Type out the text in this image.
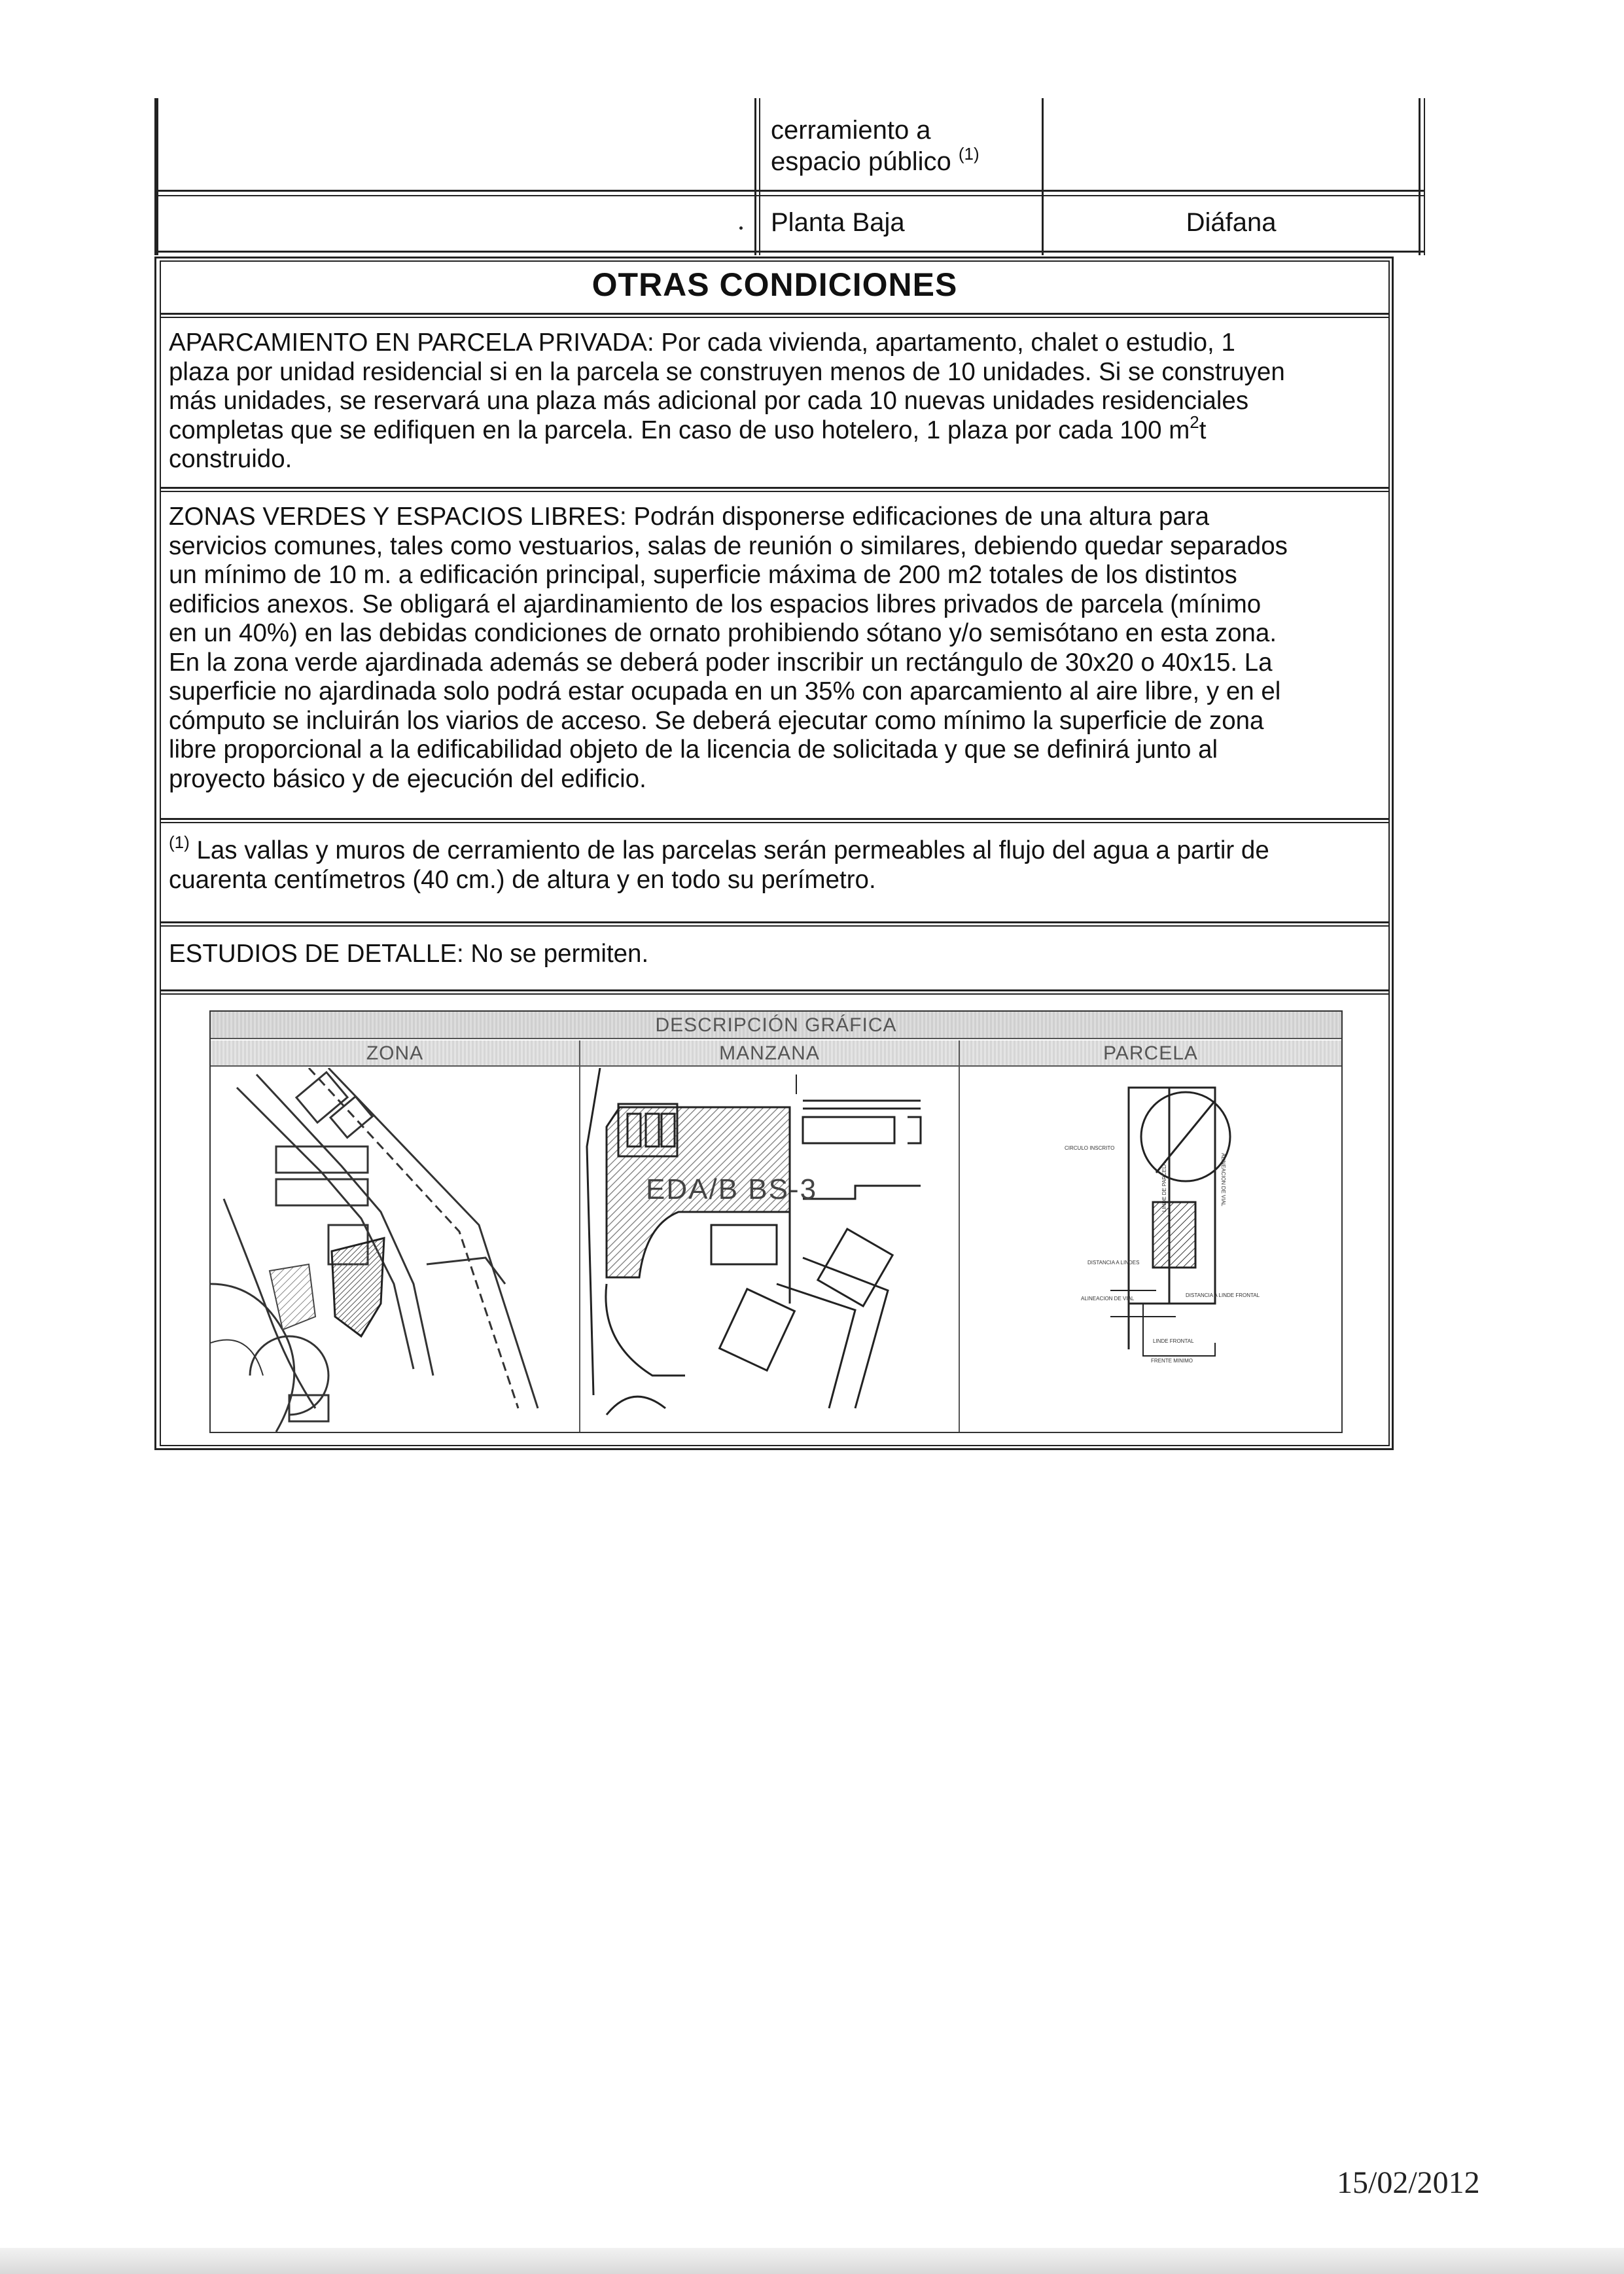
cerramiento a
espacio público $^{(1)}$
Planta Baja	Diáfana
OTRAS CONDICIONES
APARCAMIENTO EN PARCELA PRIVADA: Por cada vivienda, apartamento, chalet o estudio, 1
plaza por unidad residencial si en la parcela se construyen menos de 10 unidades. Si se construyen
más unidades, se reservará una plaza más adicional por cada 10 nuevas unidades residenciales
completas que se edifiquen en la parcela. En caso de uso hotelero, 1 plaza por cada 100 $m^2t$
construido.
ZONAS VERDES Y ESPACIOS LIBRES: Podrán disponerse edificaciones de una altura para
servicios comunes, tales como vestuarios, salas de reunión o similares, debiendo quedar separados
un mínimo de 10 m. a edificación principal, superficie máxima de 200 m2 totales de los distintos
edificios anexos. Se obligará el ajardinamiento de los espacios libres privados de parcela (mínimo
en un 40%) en las debidas condiciones de ornato prohibiendo sótano y/o semisótano en esta zona.
En la zona verde ajardinada además se deberá poder inscribir un rectángulo de 30x20 o 40x15. La
superficie no ajardinada solo podrá estar ocupada en un 35% con aparcamiento al aire libre, y en el
cómputo se incluirán los viarios de acceso. Se deberá ejecutar como mínimo la superficie de zona
libre proporcional a la edificabilidad objeto de la licencia de solicitada y que se definirá junto al
proyecto básico y de ejecución del edificio.
$^{(1)}$ Las vallas y muros de cerramiento de las parcelas serán permeables al flujo del agua a partir de
cuarenta centímetros (40 cm.) de altura y en todo su perímetro.
ESTUDIOS DE DETALLE: No se permiten.
DESCRIPCIÓN GRÁFICA
ZONA	MANZANA	PARCELA
EDA/B BS-3
CIRCULO INSCRITO
DISTANCIA A LINDES
ALINEACION DE VIAL
DISTANCIA A LINDE FRONTAL
LINDE FRONTAL
FRENTE MINIMO
LINDE DE PARCELA	ALINEACION DE VIAL
15/02/2012
